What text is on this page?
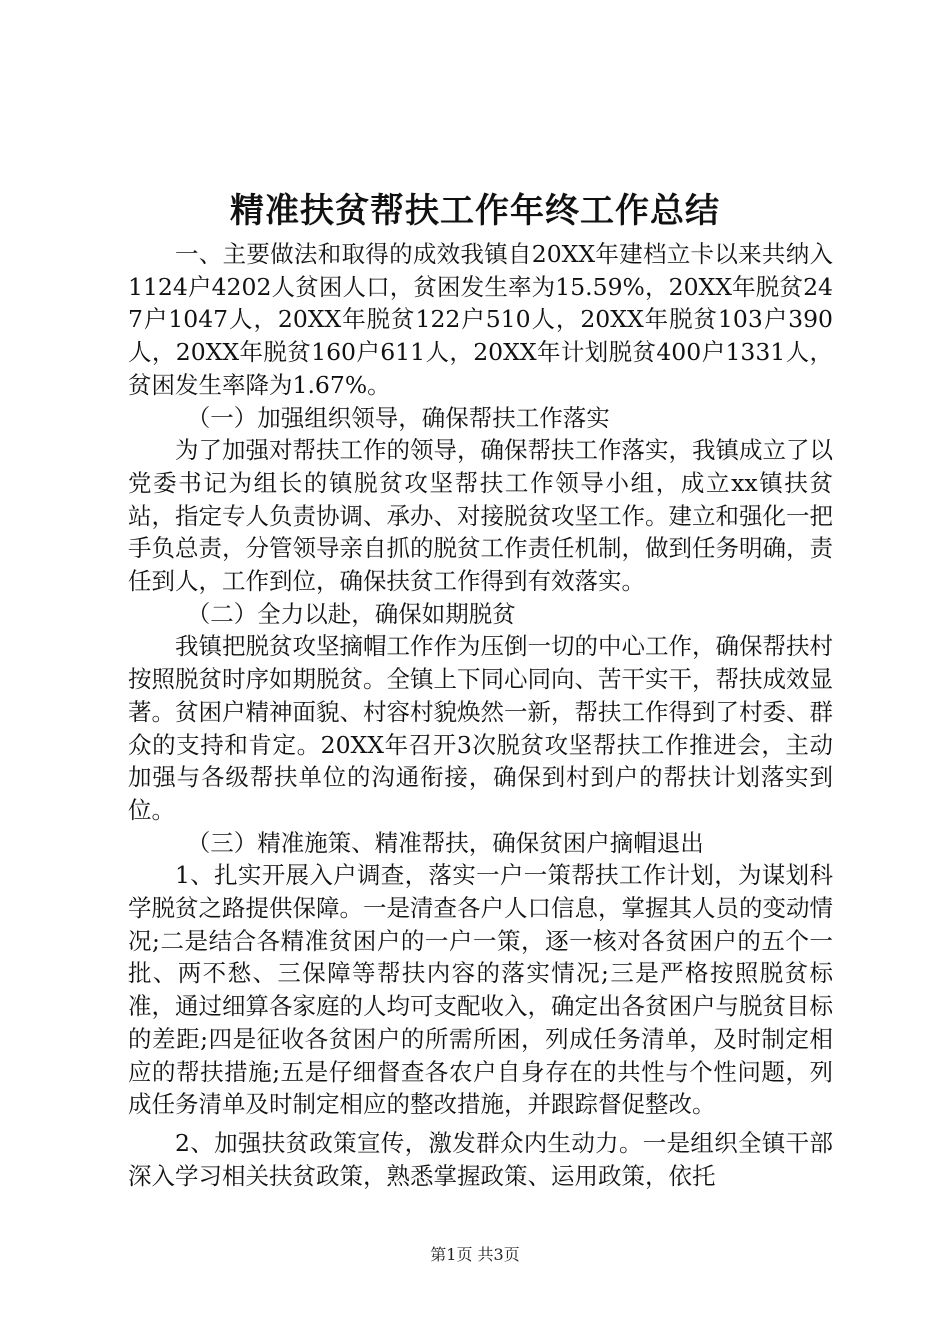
精准扶贫帮扶工作年终工作总结

一、主要做法和取得的成效我镇自20XX年建档立卡以来共纳入1124户4202人贫困人口，贫困发生率为15.59%，20XX年脱贫247户1047人，20XX年脱贫122户510人，20XX年脱贫103户390人，20XX年脱贫160户611人，20XX年计划脱贫400户1331人，贫困发生率降为1.67%。

（一）加强组织领导，确保帮扶工作落实

为了加强对帮扶工作的领导，确保帮扶工作落实，我镇成立了以党委书记为组长的镇脱贫攻坚帮扶工作领导小组，成立xx镇扶贫站，指定专人负责协调、承办、对接脱贫攻坚工作。建立和强化一把手负总责，分管领导亲自抓的脱贫工作责任机制，做到任务明确，责任到人，工作到位，确保扶贫工作得到有效落实。

（二）全力以赴，确保如期脱贫

我镇把脱贫攻坚摘帽工作作为压倒一切的中心工作，确保帮扶村按照脱贫时序如期脱贫。全镇上下同心同向、苦干实干，帮扶成效显著。贫困户精神面貌、村容村貌焕然一新，帮扶工作得到了村委、群众的支持和肯定。20XX年召开3次脱贫攻坚帮扶工作推进会，主动加强与各级帮扶单位的沟通衔接，确保到村到户的帮扶计划落实到位。

（三）精准施策、精准帮扶，确保贫困户摘帽退出

1、扎实开展入户调查，落实一户一策帮扶工作计划，为谋划科学脱贫之路提供保障。一是清查各户人口信息，掌握其人员的变动情况;二是结合各精准贫困户的一户一策，逐一核对各贫困户的五个一批、两不愁、三保障等帮扶内容的落实情况;三是严格按照脱贫标准，通过细算各家庭的人均可支配收入，确定出各贫困户与脱贫目标的差距;四是征收各贫困户的所需所困，列成任务清单，及时制定相应的帮扶措施;五是仔细督查各农户自身存在的共性与个性问题，列成任务清单及时制定相应的整改措施，并跟踪督促整改。

2、加强扶贫政策宣传，激发群众内生动力。一是组织全镇干部深入学习相关扶贫政策，熟悉掌握政策、运用政策，依托

第1页 共3页
